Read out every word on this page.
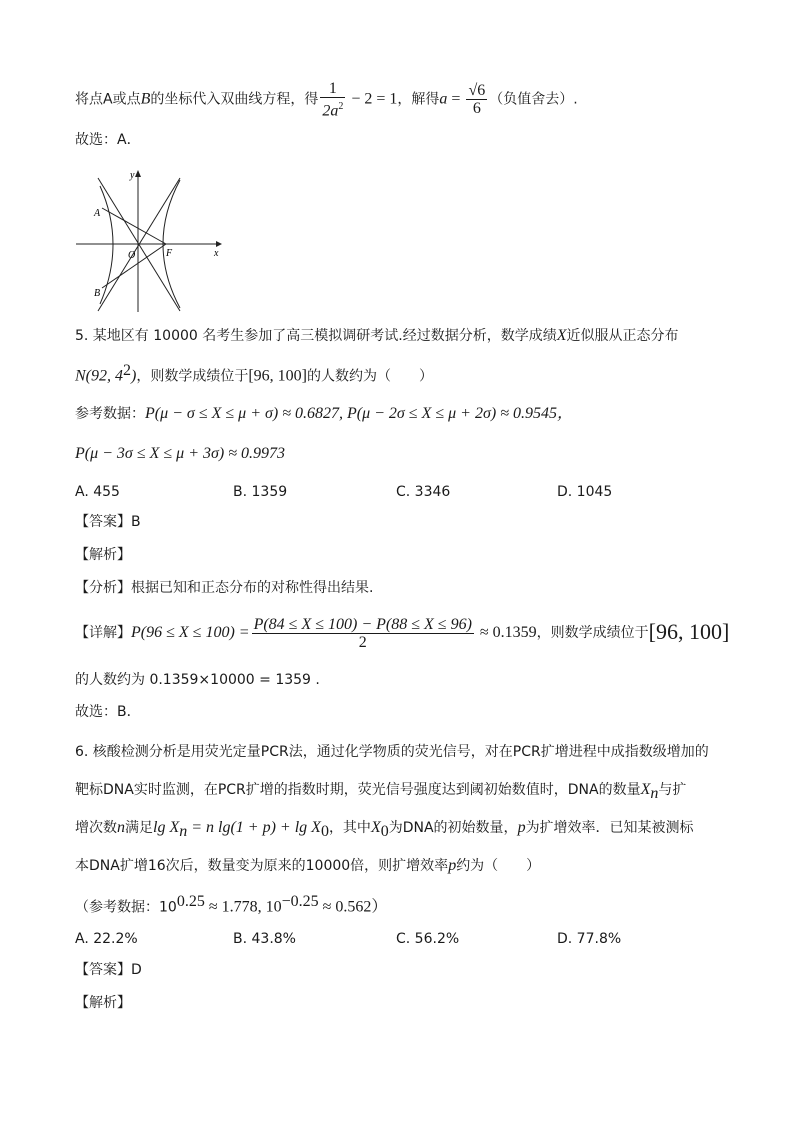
将点A或点B的坐标代入双曲线方程，得 $\frac{1}{2a^2} - 2 = 1$，解得$a = \frac{√6}{6}$ （负值舍去）.
故选：A．
y
x
A
B
O	F
5. 某地区有 10000 名考生参加了高三模拟调研考试.经过数据分析，数学成绩X近似服从正态分布
N(92, $4^2$)，则数学成绩位于[96, 100]的人数约为（　　）
参考数据：P(μ − σ ≤ X ≤ μ + σ) ≈ 0.6827, P(μ − 2σ ≤ X ≤ μ + 2σ) ≈ 0.9545，
P(μ − 3σ ≤ X ≤ μ + 3σ) ≈ 0.9973
A. 455	B. 1359	C. 3346	D. 1045
【答案】B
【解析】
【分析】根据已知和正态分布的对称性得出结果.
【详解】$P(96 \le X \le 100) = \frac{P(84 \le X \le 100) - P(88 \le X \le 96)}{2} \approx 0.1359$，则数学成绩位于[96, 100]
的人数约为 0.1359×10000 = 1359 .
故选：B．
6. 核酸检测分析是用荧光定量PCR法，通过化学物质的荧光信号，对在PCR扩增进程中成指数级增加的
靶标DNA实时监测，在PCR扩增的指数时期，荧光信号强度达到阈初始数值时，DNA的数量$X_n$与扩
增次数n满足$\lg X_n = n$ $\lg(1 + p) + \lg X_0$，其中$X_0$为DNA的初始数量，p为扩增效率．已知某被测标
本DNA扩增16次后，数量变为原来的10000倍，则扩增效率p约为（　　）
（参考数据：$10^{0.25} \approx 1.778$, $10^{-0.25} \approx 0.562$）
A. 22.2%	B. 43.8%	C. 56.2%	D. 77.8%
【答案】D
【解析】
